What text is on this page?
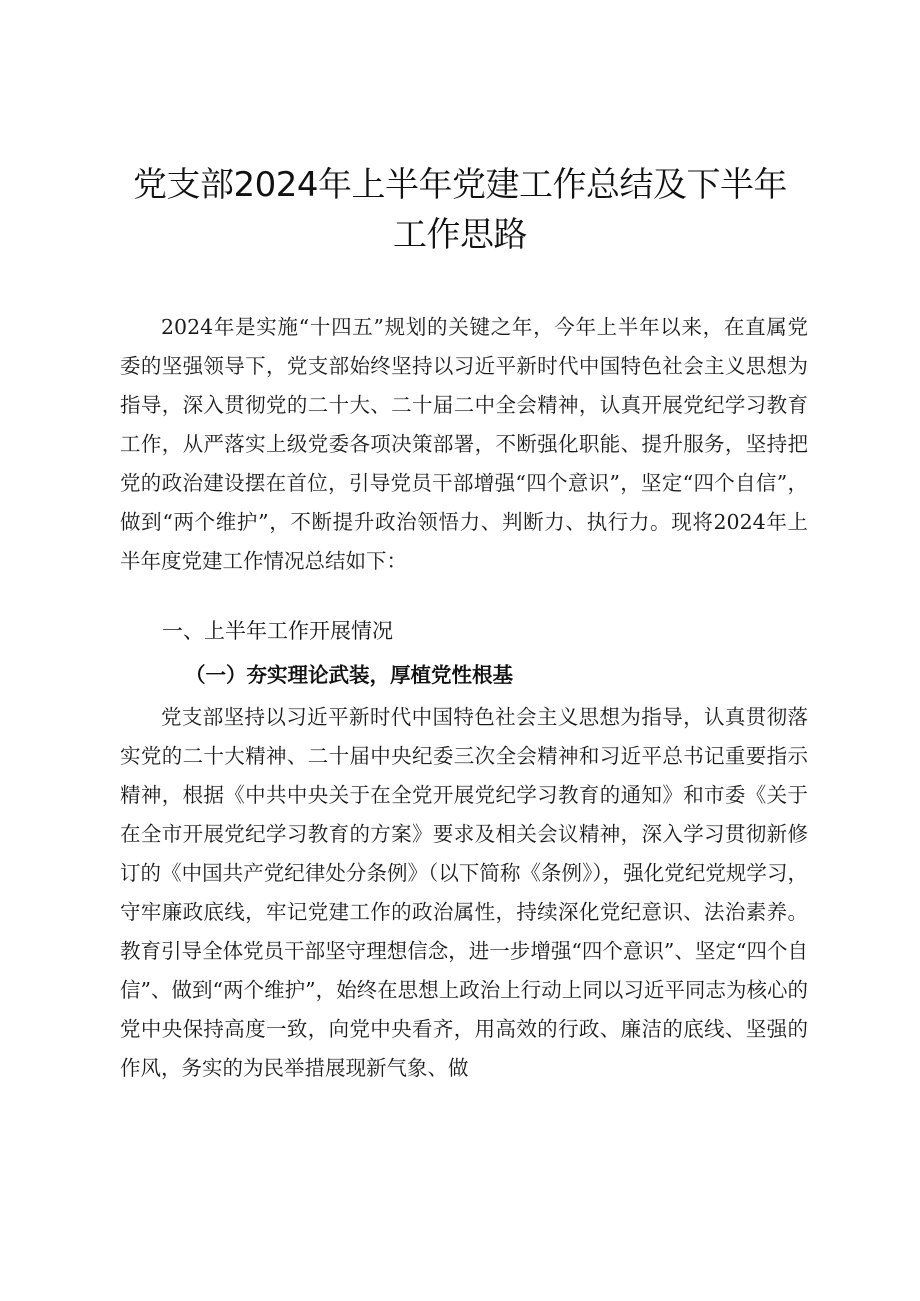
党支部2024年上半年党建工作总结及下半年
工作思路

2024年是实施“十四五”规划的关键之年，今年上半年以来，在直属党委的坚强领导下，党支部始终坚持以习近平新时代中国特色社会主义思想为指导，深入贯彻党的二十大、二十届二中全会精神，认真开展党纪学习教育工作，从严落实上级党委各项决策部署，不断强化职能、提升服务，坚持把党的政治建设摆在首位，引导党员干部增强“四个意识”，坚定“四个自信”，做到“两个维护”，不断提升政治领悟力、判断力、执行力。现将2024年上半年度党建工作情况总结如下：

一、上半年工作开展情况
（一）夯实理论武装，厚植党性根基

党支部坚持以习近平新时代中国特色社会主义思想为指导，认真贯彻落实党的二十大精神、二十届中央纪委三次全会精神和习近平总书记重要指示精神，根据《中共中央关于在全党开展党纪学习教育的通知》和市委《关于在全市开展党纪学习教育的方案》要求及相关会议精神，深入学习贯彻新修订的《中国共产党纪律处分条例》（以下简称《条例》），强化党纪党规学习，守牢廉政底线，牢记党建工作的政治属性，持续深化党纪意识、法治素养。教育引导全体党员干部坚守理想信念，进一步增强“四个意识”、坚定“四个自信”、做到“两个维护”，始终在思想上政治上行动上同以习近平同志为核心的党中央保持高度一致，向党中央看齐，用高效的行政、廉洁的底线、坚强的作风，务实的为民举措展现新气象、做
